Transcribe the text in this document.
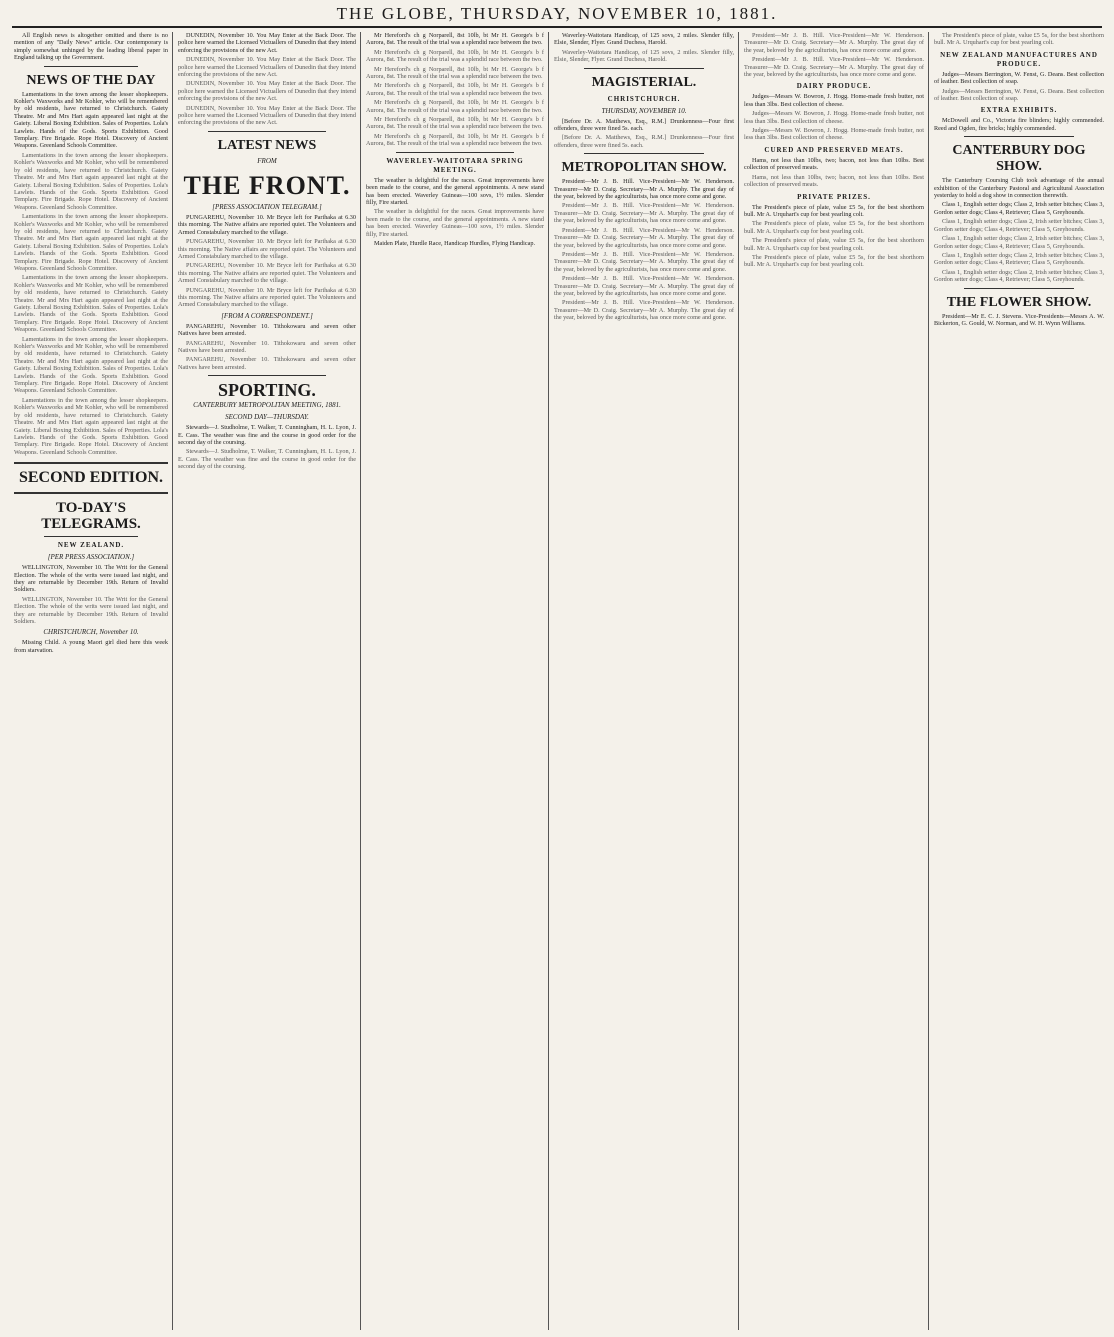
THE GLOBE, THURSDAY, NOVEMBER 10, 1881.

All English news is altogether omitted and there is no mention of any "Daily News" article. Our contemporary is simply somewhat unhinged by the leading liberal paper in England talking up the Government.

NEWS OF THE DAY

Lamentations in the town among the lesser shopkeepers. Kohler's Waxworks and Mr Kohler, who will be remembered by old residents, have returned to Christchurch. Gaiety Theatre. Mr and Mrs Hart again appeared last night at the Gaiety. Liberal Boxing Exhibition. Sales of Properties. Lola's Lawlets. Hands of the Gods. Sports Exhibition. Good Templary. Fire Brigade. Rope Hotel. Discovery of Ancient Weapons. Greenland Schools Committee.

Lamentations in the town among the lesser shopkeepers. Kohler's Waxworks and Mr Kohler, who will be remembered by old residents, have returned to Christchurch. Gaiety Theatre. Mr and Mrs Hart again appeared last night at the Gaiety. Liberal Boxing Exhibition. Sales of Properties. Lola's Lawlets. Hands of the Gods. Sports Exhibition. Good Templary. Fire Brigade. Rope Hotel. Discovery of Ancient Weapons. Greenland Schools Committee.

Lamentations in the town among the lesser shopkeepers. Kohler's Waxworks and Mr Kohler, who will be remembered by old residents, have returned to Christchurch. Gaiety Theatre. Mr and Mrs Hart again appeared last night at the Gaiety. Liberal Boxing Exhibition. Sales of Properties. Lola's Lawlets. Hands of the Gods. Sports Exhibition. Good Templary. Fire Brigade. Rope Hotel. Discovery of Ancient Weapons. Greenland Schools Committee.

Lamentations in the town among the lesser shopkeepers. Kohler's Waxworks and Mr Kohler, who will be remembered by old residents, have returned to Christchurch. Gaiety Theatre. Mr and Mrs Hart again appeared last night at the Gaiety. Liberal Boxing Exhibition. Sales of Properties. Lola's Lawlets. Hands of the Gods. Sports Exhibition. Good Templary. Fire Brigade. Rope Hotel. Discovery of Ancient Weapons. Greenland Schools Committee.

Lamentations in the town among the lesser shopkeepers. Kohler's Waxworks and Mr Kohler, who will be remembered by old residents, have returned to Christchurch. Gaiety Theatre. Mr and Mrs Hart again appeared last night at the Gaiety. Liberal Boxing Exhibition. Sales of Properties. Lola's Lawlets. Hands of the Gods. Sports Exhibition. Good Templary. Fire Brigade. Rope Hotel. Discovery of Ancient Weapons. Greenland Schools Committee.

Lamentations in the town among the lesser shopkeepers. Kohler's Waxworks and Mr Kohler, who will be remembered by old residents, have returned to Christchurch. Gaiety Theatre. Mr and Mrs Hart again appeared last night at the Gaiety. Liberal Boxing Exhibition. Sales of Properties. Lola's Lawlets. Hands of the Gods. Sports Exhibition. Good Templary. Fire Brigade. Rope Hotel. Discovery of Ancient Weapons. Greenland Schools Committee.

SECOND EDITION.
TO-DAY'S TELEGRAMS.
NEW ZEALAND.
[PER PRESS ASSOCIATION.]

WELLINGTON, November 10. The Writ for the General Election. The whole of the writs were issued last night, and they are returnable by December 19th. Return of Invalid Soldiers.

WELLINGTON, November 10. The Writ for the General Election. The whole of the writs were issued last night, and they are returnable by December 19th. Return of Invalid Soldiers.

CHRISTCHURCH, November 10.

Missing Child. A young Maori girl died here this week from starvation.

DUNEDIN, November 10. You May Enter at the Back Door. The police here warned the Licensed Victuallers of Dunedin that they intend enforcing the provisions of the new Act.

DUNEDIN, November 10. You May Enter at the Back Door. The police here warned the Licensed Victuallers of Dunedin that they intend enforcing the provisions of the new Act.

DUNEDIN, November 10. You May Enter at the Back Door. The police here warned the Licensed Victuallers of Dunedin that they intend enforcing the provisions of the new Act.

DUNEDIN, November 10. You May Enter at the Back Door. The police here warned the Licensed Victuallers of Dunedin that they intend enforcing the provisions of the new Act.

LATEST NEWS
FROM
THE FRONT.
[PRESS ASSOCIATION TELEGRAM.]

PUNGAREHU, November 10. Mr Bryce left for Parihaka at 6.30 this morning. The Native affairs are reported quiet. The Volunteers and Armed Constabulary marched to the village.

PUNGAREHU, November 10. Mr Bryce left for Parihaka at 6.30 this morning. The Native affairs are reported quiet. The Volunteers and Armed Constabulary marched to the village.

PUNGAREHU, November 10. Mr Bryce left for Parihaka at 6.30 this morning. The Native affairs are reported quiet. The Volunteers and Armed Constabulary marched to the village.

PUNGAREHU, November 10. Mr Bryce left for Parihaka at 6.30 this morning. The Native affairs are reported quiet. The Volunteers and Armed Constabulary marched to the village.

[FROM A CORRESPONDENT.]

PANGAREHU, November 10. Tithokowaru and seven other Natives have been arrested.

PANGAREHU, November 10. Tithokowaru and seven other Natives have been arrested.

PANGAREHU, November 10. Tithokowaru and seven other Natives have been arrested.

SPORTING.
CANTERBURY METROPOLITAN MEETING, 1881.
SECOND DAY—THURSDAY.

Stewards—J. Studholme, T. Walker, T. Cunningham, H. L. Lyon, J. E. Cass. The weather was fine and the course in good order for the second day of the coursing.

Stewards—J. Studholme, T. Walker, T. Cunningham, H. L. Lyon, J. E. Cass. The weather was fine and the course in good order for the second day of the coursing.

Mr Hereford's ch g Norparell, 8st 10lb, bt Mr H. George's b f Aurora, 8st. The result of the trial was a splendid race between the two.

Mr Hereford's ch g Norparell, 8st 10lb, bt Mr H. George's b f Aurora, 8st. The result of the trial was a splendid race between the two.

Mr Hereford's ch g Norparell, 8st 10lb, bt Mr H. George's b f Aurora, 8st. The result of the trial was a splendid race between the two.

Mr Hereford's ch g Norparell, 8st 10lb, bt Mr H. George's b f Aurora, 8st. The result of the trial was a splendid race between the two.

Mr Hereford's ch g Norparell, 8st 10lb, bt Mr H. George's b f Aurora, 8st. The result of the trial was a splendid race between the two.

Mr Hereford's ch g Norparell, 8st 10lb, bt Mr H. George's b f Aurora, 8st. The result of the trial was a splendid race between the two.

Mr Hereford's ch g Norparell, 8st 10lb, bt Mr H. George's b f Aurora, 8st. The result of the trial was a splendid race between the two.

WAVERLEY-WAITOTARA SPRING MEETING.

The weather is delightful for the races. Great improvements have been made to the course, and the general appointments. A new stand has been erected. Waverley Guineas—100 sovs, 1½ miles. Slender filly, Fire started.

The weather is delightful for the races. Great improvements have been made to the course, and the general appointments. A new stand has been erected. Waverley Guineas—100 sovs, 1½ miles. Slender filly, Fire started.

Maiden Plate, Hurdle Race, Handicap Hurdles, Flying Handicap.

Waverley-Waitotara Handicap, of 125 sovs, 2 miles. Slender filly, Elsie, Slender, Flyer. Grand Duchess, Harold.

Waverley-Waitotara Handicap, of 125 sovs, 2 miles. Slender filly, Elsie, Slender, Flyer. Grand Duchess, Harold.

MAGISTERIAL.
CHRISTCHURCH.
THURSDAY, NOVEMBER 10.

[Before Dr. A. Matthews, Esq., R.M.] Drunkenness—Four first offenders, three were fined 5s. each.

[Before Dr. A. Matthews, Esq., R.M.] Drunkenness—Four first offenders, three were fined 5s. each.

METROPOLITAN SHOW.

President—Mr J. B. Hill. Vice-President—Mr W. Henderson. Treasurer—Mr D. Craig. Secretary—Mr A. Murphy. The great day of the year, beloved by the agriculturists, has once more come and gone.

President—Mr J. B. Hill. Vice-President—Mr W. Henderson. Treasurer—Mr D. Craig. Secretary—Mr A. Murphy. The great day of the year, beloved by the agriculturists, has once more come and gone.

President—Mr J. B. Hill. Vice-President—Mr W. Henderson. Treasurer—Mr D. Craig. Secretary—Mr A. Murphy. The great day of the year, beloved by the agriculturists, has once more come and gone.

President—Mr J. B. Hill. Vice-President—Mr W. Henderson. Treasurer—Mr D. Craig. Secretary—Mr A. Murphy. The great day of the year, beloved by the agriculturists, has once more come and gone.

President—Mr J. B. Hill. Vice-President—Mr W. Henderson. Treasurer—Mr D. Craig. Secretary—Mr A. Murphy. The great day of the year, beloved by the agriculturists, has once more come and gone.

President—Mr J. B. Hill. Vice-President—Mr W. Henderson. Treasurer—Mr D. Craig. Secretary—Mr A. Murphy. The great day of the year, beloved by the agriculturists, has once more come and gone.

President—Mr J. B. Hill. Vice-President—Mr W. Henderson. Treasurer—Mr D. Craig. Secretary—Mr A. Murphy. The great day of the year, beloved by the agriculturists, has once more come and gone.

President—Mr J. B. Hill. Vice-President—Mr W. Henderson. Treasurer—Mr D. Craig. Secretary—Mr A. Murphy. The great day of the year, beloved by the agriculturists, has once more come and gone.

DAIRY PRODUCE.

Judges—Messrs W. Bowron, J. Hogg. Home-made fresh butter, not less than 3lbs. Best collection of cheese.

Judges—Messrs W. Bowron, J. Hogg. Home-made fresh butter, not less than 3lbs. Best collection of cheese.

Judges—Messrs W. Bowron, J. Hogg. Home-made fresh butter, not less than 3lbs. Best collection of cheese.

CURED AND PRESERVED MEATS.

Hams, not less than 10lbs, two; bacon, not less than 10lbs. Best collection of preserved meats.

Hams, not less than 10lbs, two; bacon, not less than 10lbs. Best collection of preserved meats.

PRIVATE PRIZES.

The President's piece of plate, value £5 5s, for the best shorthorn bull. Mr A. Urquhart's cup for best yearling colt.

The President's piece of plate, value £5 5s, for the best shorthorn bull. Mr A. Urquhart's cup for best yearling colt.

The President's piece of plate, value £5 5s, for the best shorthorn bull. Mr A. Urquhart's cup for best yearling colt.

The President's piece of plate, value £5 5s, for the best shorthorn bull. Mr A. Urquhart's cup for best yearling colt.

The President's piece of plate, value £5 5s, for the best shorthorn bull. Mr A. Urquhart's cup for best yearling colt.

NEW ZEALAND MANUFACTURES AND PRODUCE.

Judges—Messrs Berrington, W. Fenst, G. Deans. Best collection of leather. Best collection of soap.

Judges—Messrs Berrington, W. Fenst, G. Deans. Best collection of leather. Best collection of soap.

EXTRA EXHIBITS.

McDowell and Co., Victoria fire blinders; highly commended. Reed and Ogden, fire bricks; highly commended.

CANTERBURY DOG SHOW.

The Canterbury Coursing Club took advantage of the annual exhibition of the Canterbury Pastoral and Agricultural Association yesterday to hold a dog show in connection therewith.

Class 1, English setter dogs; Class 2, Irish setter bitches; Class 3, Gordon setter dogs; Class 4, Retriever; Class 5, Greyhounds.

Class 1, English setter dogs; Class 2, Irish setter bitches; Class 3, Gordon setter dogs; Class 4, Retriever; Class 5, Greyhounds.

Class 1, English setter dogs; Class 2, Irish setter bitches; Class 3, Gordon setter dogs; Class 4, Retriever; Class 5, Greyhounds.

Class 1, English setter dogs; Class 2, Irish setter bitches; Class 3, Gordon setter dogs; Class 4, Retriever; Class 5, Greyhounds.

Class 1, English setter dogs; Class 2, Irish setter bitches; Class 3, Gordon setter dogs; Class 4, Retriever; Class 5, Greyhounds.

THE FLOWER SHOW.

President—Mr E. C. J. Stevens. Vice-Presidents—Messrs A. W. Bickerton, G. Gould, W. Norman, and W. H. Wynn Williams.
